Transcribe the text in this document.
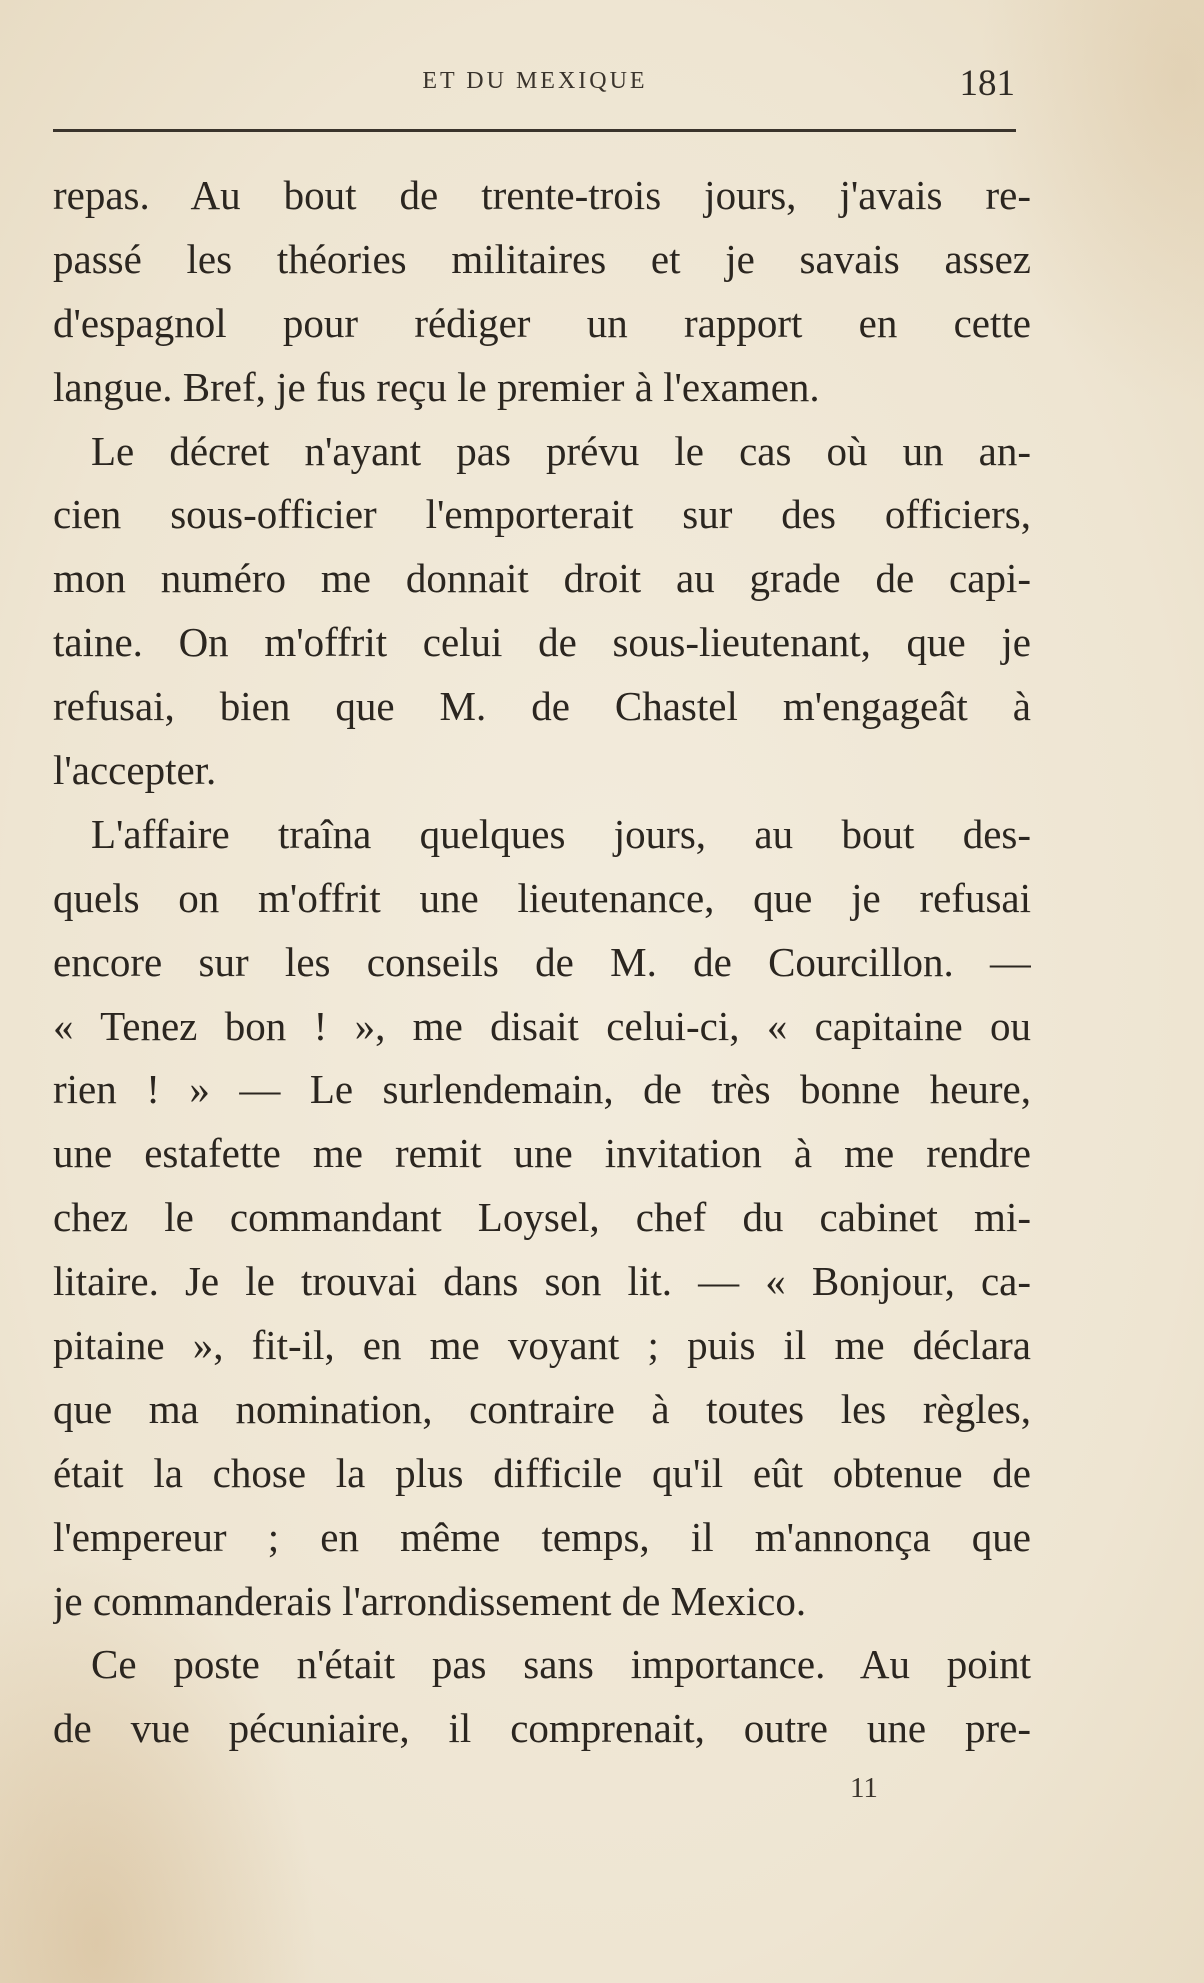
ET DU MEXIQUE	181
repas. Au bout de trente-trois jours, j'avais re-
passé les théories militaires et je savais assez
d'espagnol pour rédiger un rapport en cette
langue. Bref, je fus reçu le premier à l'examen.
Le décret n'ayant pas prévu le cas où un an-
cien sous-officier l'emporterait sur des officiers,
mon numéro me donnait droit au grade de capi-
taine. On m'offrit celui de sous-lieutenant, que je
refusai, bien que M. de Chastel m'engageât à
l'accepter.
L'affaire traîna quelques jours, au bout des-
quels on m'offrit une lieutenance, que je refusai
encore sur les conseils de M. de Courcillon. —
« Tenez bon ! », me disait celui-ci, « capitaine ou
rien ! » — Le surlendemain, de très bonne heure,
une estafette me remit une invitation à me rendre
chez le commandant Loysel, chef du cabinet mi-
litaire. Je le trouvai dans son lit. — « Bonjour, ca-
pitaine », fit-il, en me voyant ; puis il me déclara
que ma nomination, contraire à toutes les règles,
était la chose la plus difficile qu'il eût obtenue de
l'empereur ; en même temps, il m'annonça que
je commanderais l'arrondissement de Mexico.
Ce poste n'était pas sans importance. Au point
de vue pécuniaire, il comprenait, outre une pre-
11
